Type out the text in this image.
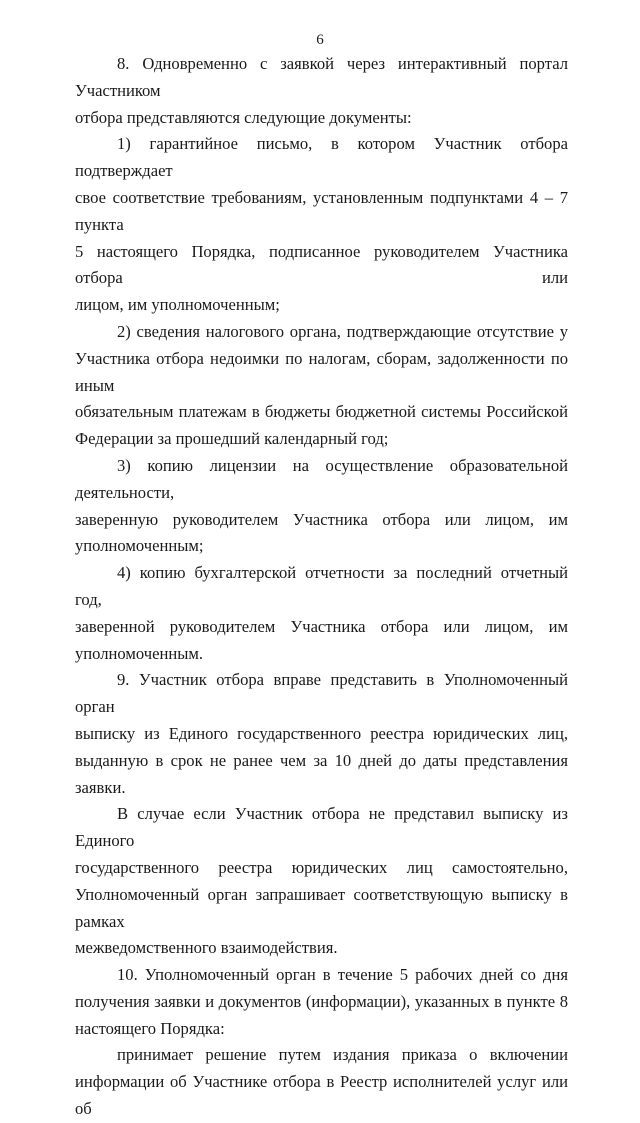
6

8. Одновременно с заявкой через интерактивный портал Участником
отбора представляются следующие документы:

1) гарантийное письмо, в котором Участник отбора подтверждает
свое соответствие требованиям, установленным подпунктами 4 – 7 пункта
5 настоящего Порядка, подписанное руководителем Участника отбора или
лицом, им уполномоченным;

2) сведения налогового органа, подтверждающие отсутствие у
Участника отбора недоимки по налогам, сборам, задолженности по иным
обязательным платежам в бюджеты бюджетной системы Российской
Федерации за прошедший календарный год;

3) копию лицензии на осуществление образовательной деятельности,
заверенную руководителем Участника отбора или лицом, им
уполномоченным;

4) копию бухгалтерской отчетности за последний отчетный год,
заверенной руководителем Участника отбора или лицом, им
уполномоченным.

9. Участник отбора вправе представить в Уполномоченный орган
выписку из Единого государственного реестра юридических лиц,
выданную в срок не ранее чем за 10 дней до даты представления заявки.

В случае если Участник отбора не представил выписку из Единого
государственного реестра юридических лиц самостоятельно,
Уполномоченный орган запрашивает соответствующую выписку в рамках
межведомственного взаимодействия.

10. Уполномоченный орган в течение 5 рабочих дней со дня
получения заявки и документов (информации), указанных в пункте 8
настоящего Порядка:

принимает решение путем издания приказа о включении
информации об Участнике отбора в Реестр исполнителей услуг или об
